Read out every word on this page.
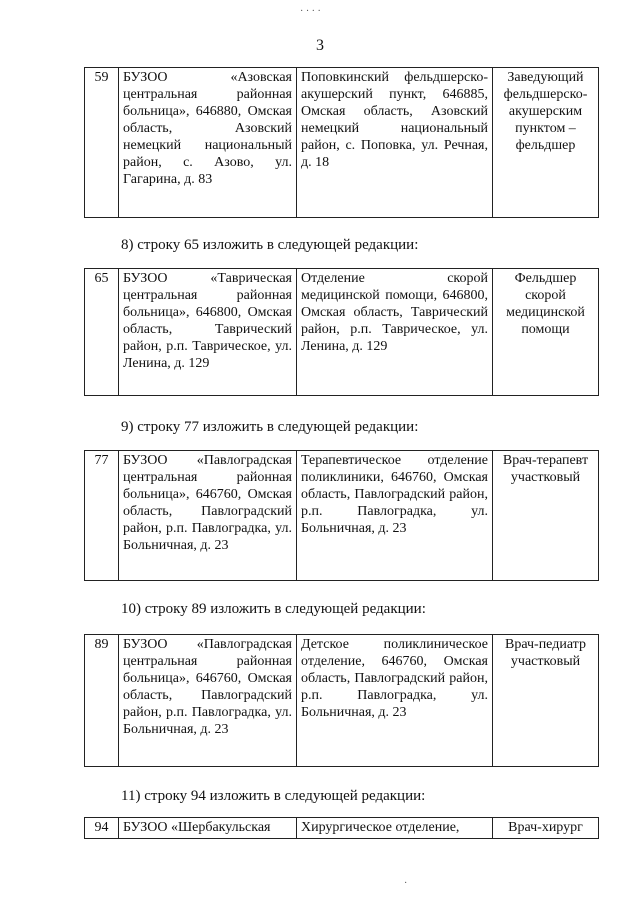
· · · ·
3
59	БУЗОО «Азовская центральная районная больница», 646880, Омская область, Азовский немецкий национальный район, с. Азово, ул. Гагарина, д. 83	Поповкинский фельдшерско-акушерский пункт, 646885, Омская область, Азовский немецкий национальный район, с. Поповка, ул. Речная, д. 18	Заведующий фельдшерско-акушерским пунктом – фельдшер
8) строку 65 изложить в следующей редакции:
65	БУЗОО «Таврическая центральная районная больница», 646800, Омская область, Таврический район, р.п. Таврическое, ул. Ленина, д. 129	Отделение скорой медицинской помощи, 646800, Омская область, Таврический район, р.п. Таврическое, ул. Ленина, д. 129	Фельдшер скорой медицинской помощи
9) строку 77 изложить в следующей редакции:
77	БУЗОО «Павлоградская центральная районная больница», 646760, Омская область, Павлоградский район, р.п. Павлоградка, ул. Больничная, д. 23	Терапевтическое отделение поликлиники, 646760, Омская область, Павлоградский район, р.п. Павлоградка, ул. Больничная, д. 23	Врач-терапевт участковый
10) строку 89 изложить в следующей редакции:
89	БУЗОО «Павлоградская центральная районная больница», 646760, Омская область, Павлоградский район, р.п. Павлоградка, ул. Больничная, д. 23	Детское поликлиническое отделение, 646760, Омская область, Павлоградский район, р.п. Павлоградка, ул. Больничная, д. 23	Врач-педиатр участковый
11) строку 94 изложить в следующей редакции:
94	БУЗОО «Шербакульская	Хирургическое отделение,	Врач-хирург
·
